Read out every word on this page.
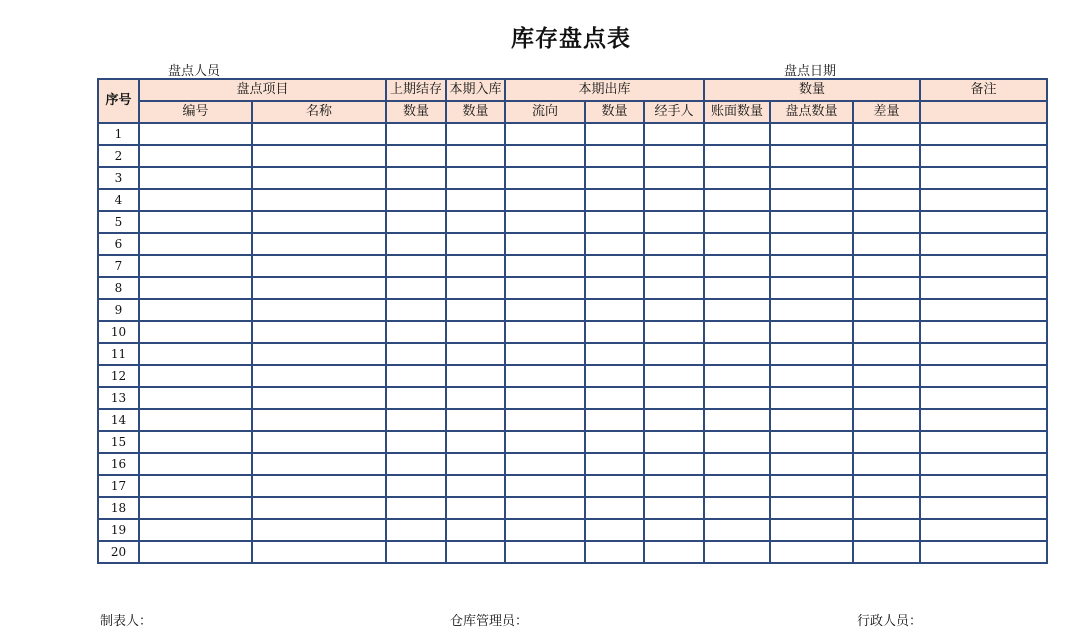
库存盘点表
盘点人员	盘点日期
序号	盘点项目		上期结存	本期入库	本期出库			数量			备注
	编号	名称	数量	数量	流向	数量	经手人	账面数量	盘点数量	差量	
1											
2											
3											
4											
5											
6											
7											
8											
9											
10											
11											
12											
13											
14											
15											
16											
17											
18											
19											
20											
制表人：	仓库管理员：	行政人员：
